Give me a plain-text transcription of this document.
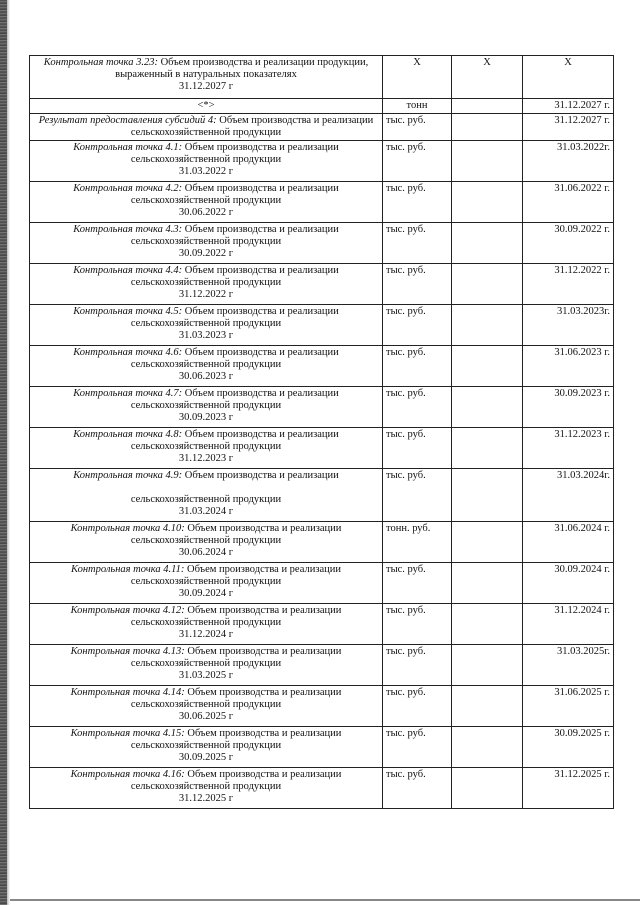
Контрольная точка 3.23: Объем производства и реализации продукции, выраженный в натуральных показателях
31.12.2027 г	X	X	X
<*>	тонн		31.12.2027 г.
Результат предоставления субсидий 4: Объем производства и реализации сельскохозяйственной продукции	тыс. руб.		31.12.2027 г.
Контрольная точка 4.1: Объем производства и реализации сельскохозяйственной продукции
31.03.2022 г	тыс. руб.		31.03.2022г.
Контрольная точка 4.2: Объем производства и реализации сельскохозяйственной продукции
30.06.2022 г	тыс. руб.		31.06.2022 г.
Контрольная точка 4.3: Объем производства и реализации сельскохозяйственной продукции
30.09.2022 г	тыс. руб.		30.09.2022 г.
Контрольная точка 4.4: Объем производства и реализации сельскохозяйственной продукции
31.12.2022 г	тыс. руб.		31.12.2022 г.
Контрольная точка 4.5: Объем производства и реализации сельскохозяйственной продукции
31.03.2023 г	тыс. руб.		31.03.2023г.
Контрольная точка 4.6: Объем производства и реализации сельскохозяйственной продукции
30.06.2023 г	тыс. руб.		31.06.2023 г.
Контрольная точка 4.7: Объем производства и реализации сельскохозяйственной продукции
30.09.2023 г	тыс. руб.		30.09.2023 г.
Контрольная точка 4.8: Объем производства и реализации сельскохозяйственной продукции
31.12.2023 г	тыс. руб.		31.12.2023 г.
Контрольная точка 4.9: Объем производства и реализации
сельскохозяйственной продукции
31.03.2024 г	тыс. руб.		31.03.2024г.
Контрольная точка 4.10: Объем производства и реализации сельскохозяйственной продукции
30.06.2024 г	тонн. руб.		31.06.2024 г.
Контрольная точка 4.11: Объем производства и реализации сельскохозяйственной продукции
30.09.2024 г	тыс. руб.		30.09.2024 г.
Контрольная точка 4.12: Объем производства и реализации сельскохозяйственной продукции
31.12.2024 г	тыс. руб.		31.12.2024 г.
Контрольная точка 4.13: Объем производства и реализации сельскохозяйственной продукции
31.03.2025 г	тыс. руб.		31.03.2025г.
Контрольная точка 4.14: Объем производства и реализации сельскохозяйственной продукции
30.06.2025 г	тыс. руб.		31.06.2025 г.
Контрольная точка 4.15: Объем производства и реализации сельскохозяйственной продукции
30.09.2025 г	тыс. руб.		30.09.2025 г.
Контрольная точка 4.16: Объем производства и реализации сельскохозяйственной продукции
31.12.2025 г	тыс. руб.		31.12.2025 г.
